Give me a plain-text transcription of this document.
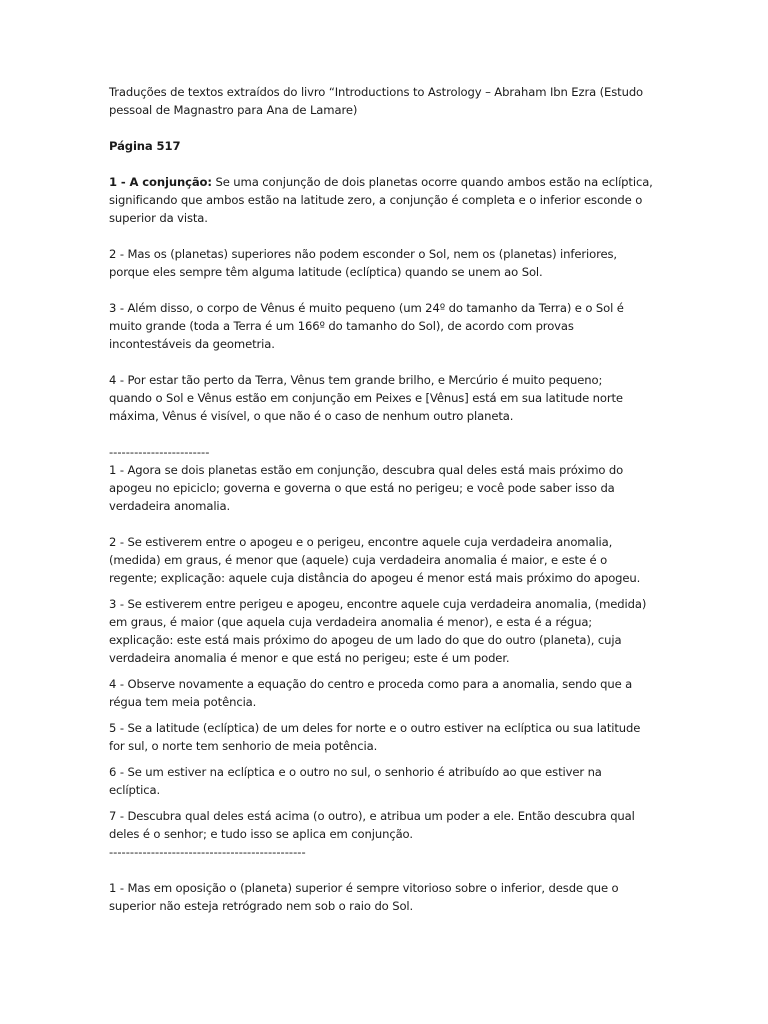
Traduções de textos extraídos do livro “Introductions to Astrology – Abraham Ibn Ezra (Estudo
pessoal de Magnastro para Ana de Lamare)
Página 517
1 - A conjunção: Se uma conjunção de dois planetas ocorre quando ambos estão na eclíptica,
significando que ambos estão na latitude zero, a conjunção é completa e o inferior esconde o
superior da vista.
2 - Mas os (planetas) superiores não podem esconder o Sol, nem os (planetas) inferiores,
porque eles sempre têm alguma latitude (eclíptica) quando se unem ao Sol.
3 - Além disso, o corpo de Vênus é muito pequeno (um 24º do tamanho da Terra) e o Sol é
muito grande (toda a Terra é um 166º do tamanho do Sol), de acordo com provas
incontestáveis da geometria.
4 - Por estar tão perto da Terra, Vênus tem grande brilho, e Mercúrio é muito pequeno;
quando o Sol e Vênus estão em conjunção em Peixes e [Vênus] está em sua latitude norte
máxima, Vênus é visível, o que não é o caso de nenhum outro planeta.
------------------------
1 - Agora se dois planetas estão em conjunção, descubra qual deles está mais próximo do
apogeu no epiciclo; governa e governa o que está no perigeu; e você pode saber isso da
verdadeira anomalia.
2 - Se estiverem entre o apogeu e o perigeu, encontre aquele cuja verdadeira anomalia,
(medida) em graus, é menor que (aquele) cuja verdadeira anomalia é maior, e este é o
regente; explicação: aquele cuja distância do apogeu é menor está mais próximo do apogeu.
3 - Se estiverem entre perigeu e apogeu, encontre aquele cuja verdadeira anomalia, (medida)
em graus, é maior (que aquela cuja verdadeira anomalia é menor), e esta é a régua;
explicação: este está mais próximo do apogeu de um lado do que do outro (planeta), cuja
verdadeira anomalia é menor e que está no perigeu; este é um poder.
4 - Observe novamente a equação do centro e proceda como para a anomalia, sendo que a
régua tem meia potência.
5 - Se a latitude (eclíptica) de um deles for norte e o outro estiver na eclíptica ou sua latitude
for sul, o norte tem senhorio de meia potência.
6 - Se um estiver na eclíptica e o outro no sul, o senhorio é atribuído ao que estiver na
eclíptica.
7 - Descubra qual deles está acima (o outro), e atribua um poder a ele. Então descubra qual
deles é o senhor; e tudo isso se aplica em conjunção.
-----------------------------------------------
1 - Mas em oposição o (planeta) superior é sempre vitorioso sobre o inferior, desde que o
superior não esteja retrógrado nem sob o raio do Sol.
